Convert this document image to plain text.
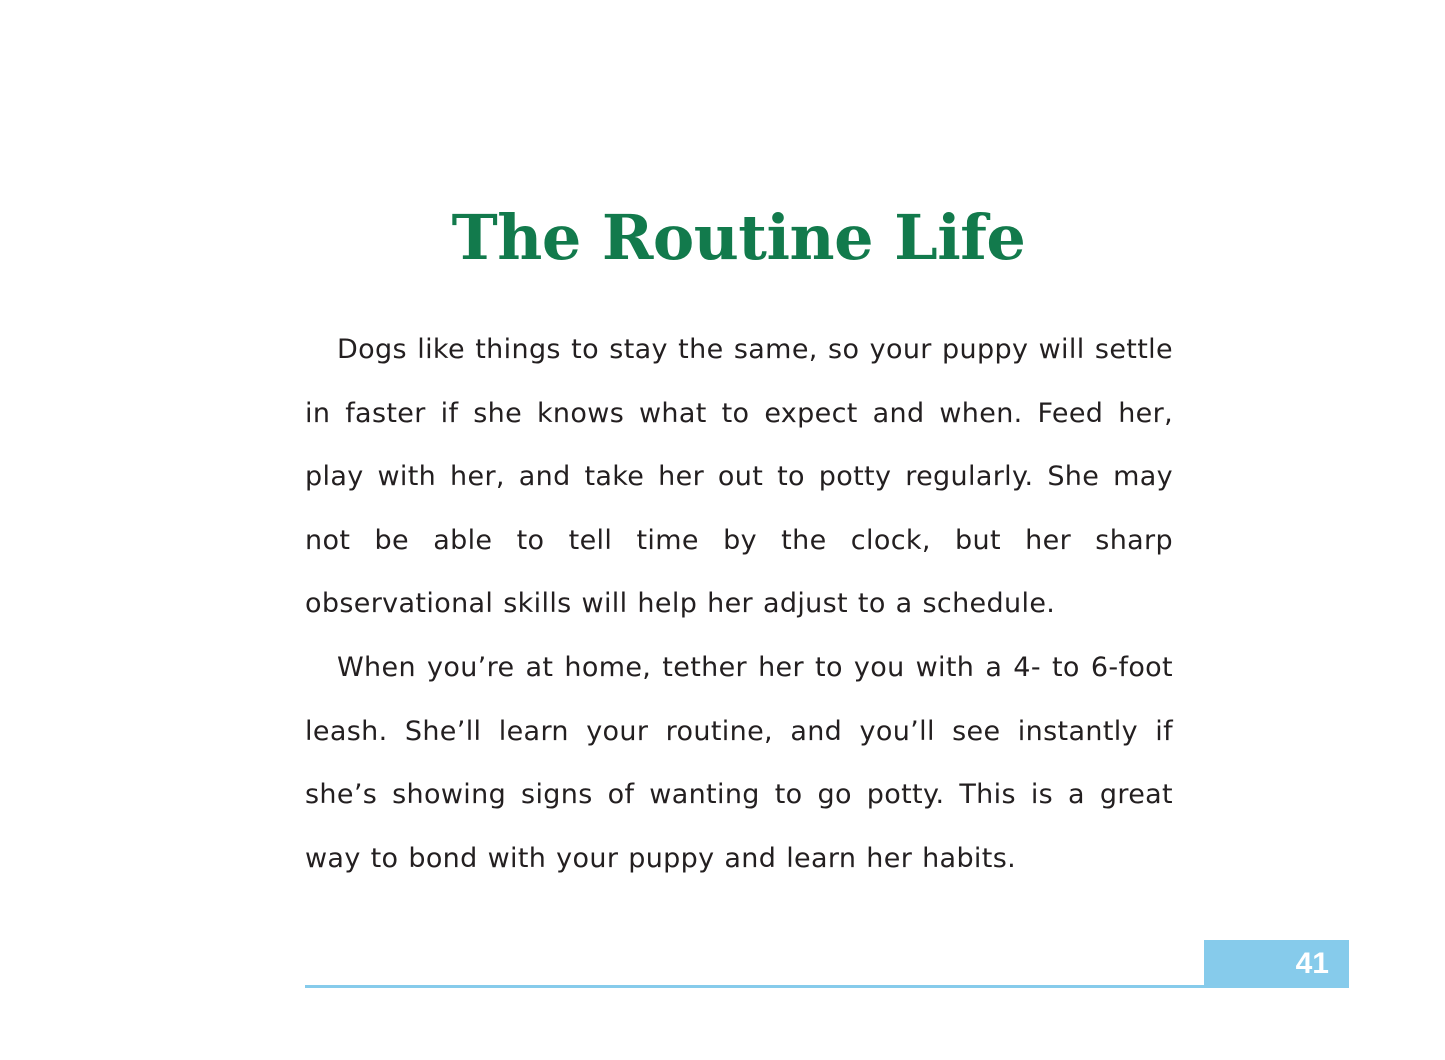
The Routine Life

Dogs like things to stay the same, so your puppy will settle in faster if she knows what to expect and when. Feed her, play with her, and take her out to potty regularly. She may not be able to tell time by the clock, but her sharp observational skills will help her adjust to a schedule.

When you’re at home, tether her to you with a 4- to 6-foot leash. She’ll learn your routine, and you’ll see instantly if she’s showing signs of wanting to go potty. This is a great way to bond with your puppy and learn her habits.

41
